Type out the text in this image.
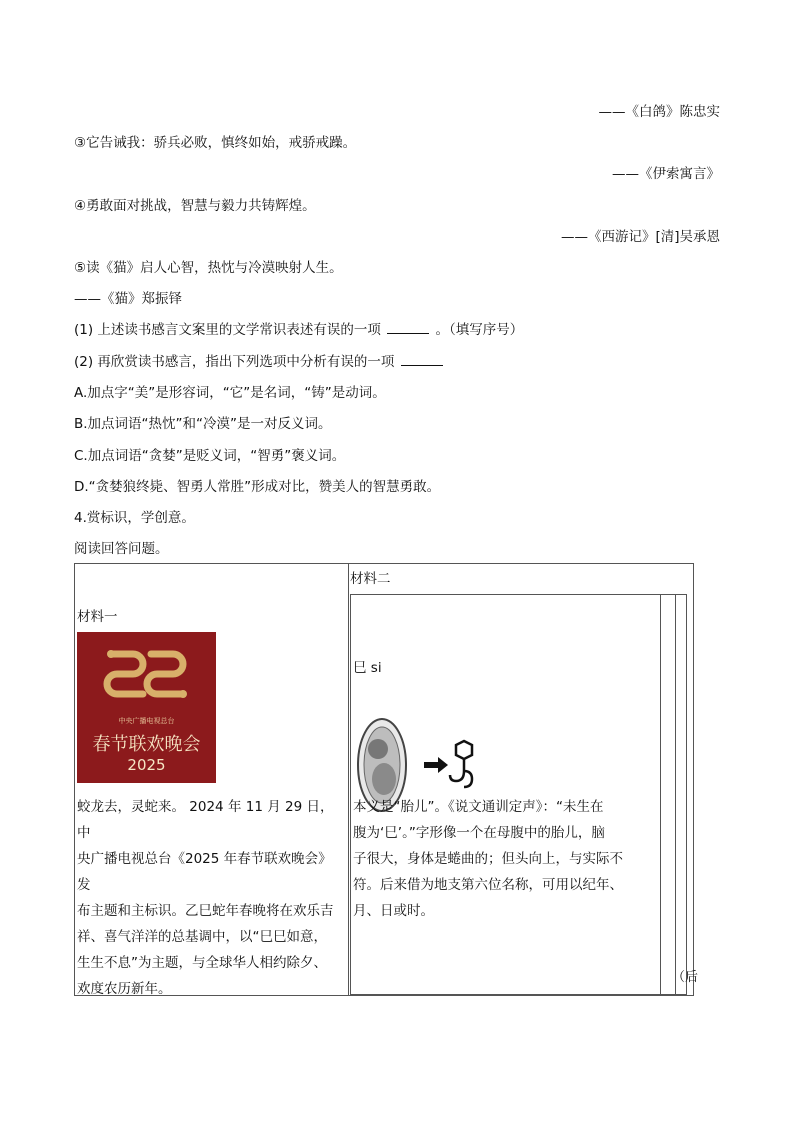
——《白鸽》陈忠实
③它告诫我：骄兵必败，慎终如始，戒骄戒躁。
——《伊索寓言》
④勇敢面对挑战，智慧与毅力共铸辉煌。
——《西游记》[清]吴承恩
⑤读《猫》启人心智，热忱与冷漠映射人生。
——《猫》郑振铎
(1) 上述读书感言文案里的文学常识表述有误的一项	。（填写序号）
(2) 再欣赏读书感言，指出下列选项中分析有误的一项
A.加点字“美”是形容词，“它”是名词，“铸”是动词。
B.加点词语“热忱”和“冷漠”是一对反义词。
C.加点词语“贪婪”是贬义词，“智勇”褒义词。
D.“贪婪狼终毙、智勇人常胜”形成对比，赞美人的智慧勇敢。
4.赏标识，学创意。
阅读回答问题。
材料一
中央广播电视总台
春节联欢晚会
2025
蛟龙去，灵蛇来。 2024 年 11 月 29 日，中
央广播电视总台《2025 年春节联欢晚会》发
布主题和主标识。乙巳蛇年春晚将在欢乐吉
祥、喜气洋洋的总基调中，以“巳巳如意，
生生不息”为主题，与全球华人相约除夕、
欢度农历新年。
材料二
巳 si
本义是“胎儿”。《说文通训定声》：“未生在
腹为‘巳’。”字形像一个在母腹中的胎儿，脑
子很大，身体是蜷曲的；但头向上，与实际不
符。后来借为地支第六位名称，可用以纪年、
月、日或时。
（后
